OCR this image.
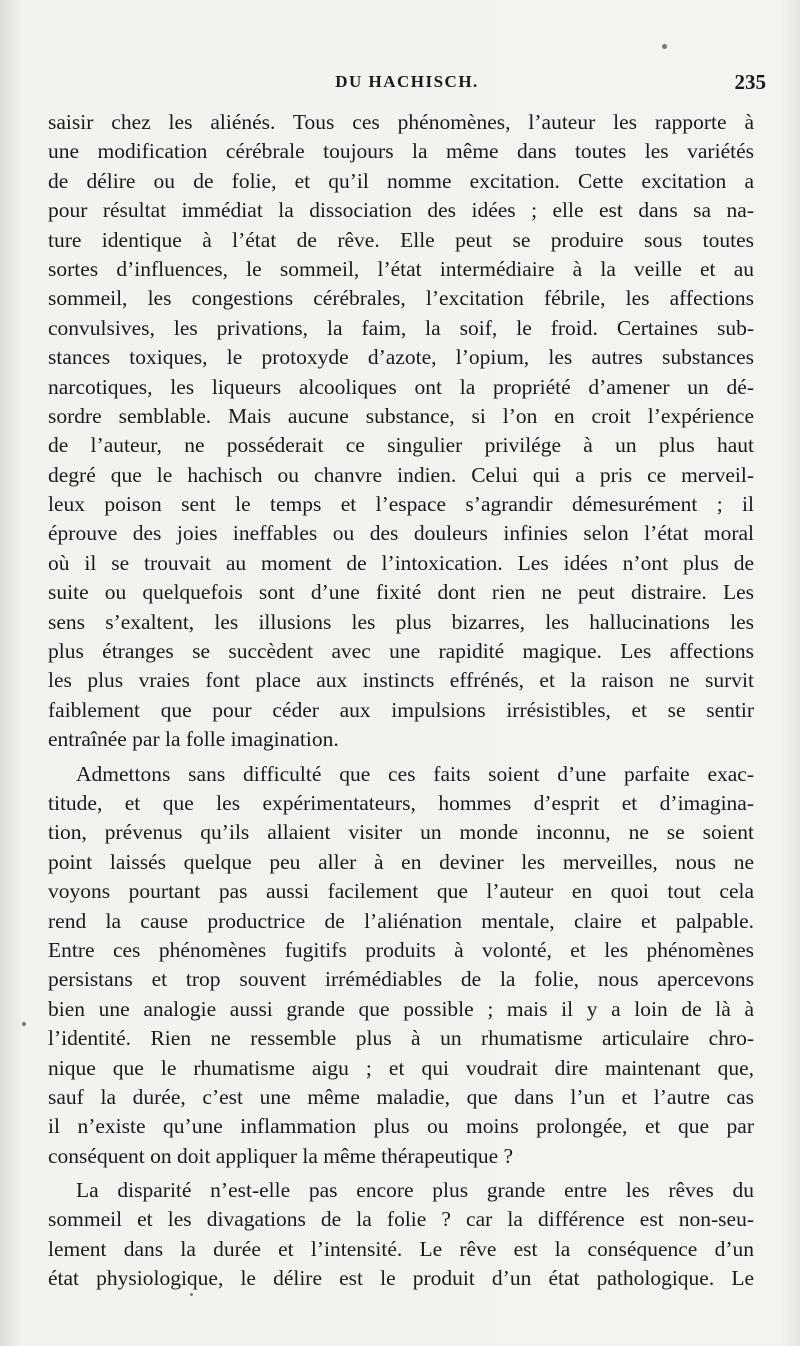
DU HACHISCH.	235
saisir chez les aliénés. Tous ces phénomènes, l’auteur les rapporte à
une modification cérébrale toujours la même dans toutes les variétés
de délire ou de folie, et qu’il nomme excitation. Cette excitation a
pour résultat immédiat la dissociation des idées ; elle est dans sa na-
ture identique à l’état de rêve. Elle peut se produire sous toutes
sortes d’influences, le sommeil, l’état intermédiaire à la veille et au
sommeil, les congestions cérébrales, l’excitation fébrile, les affections
convulsives, les privations, la faim, la soif, le froid. Certaines sub-
stances toxiques, le protoxyde d’azote, l’opium, les autres substances
narcotiques, les liqueurs alcooliques ont la propriété d’amener un dé-
sordre semblable. Mais aucune substance, si l’on en croit l’expérience
de l’auteur, ne posséderait ce singulier privilége à un plus haut
degré que le hachisch ou chanvre indien. Celui qui a pris ce merveil-
leux poison sent le temps et l’espace s’agrandir démesurément ; il
éprouve des joies ineffables ou des douleurs infinies selon l’état moral
où il se trouvait au moment de l’intoxication. Les idées n’ont plus de
suite ou quelquefois sont d’une fixité dont rien ne peut distraire. Les
sens s’exaltent, les illusions les plus bizarres, les hallucinations les
plus étranges se succèdent avec une rapidité magique. Les affections
les plus vraies font place aux instincts effrénés, et la raison ne survit
faiblement que pour céder aux impulsions irrésistibles, et se sentir
entraînée par la folle imagination.
Admettons sans difficulté que ces faits soient d’une parfaite exac-
titude, et que les expérimentateurs, hommes d’esprit et d’imagina-
tion, prévenus qu’ils allaient visiter un monde inconnu, ne se soient
point laissés quelque peu aller à en deviner les merveilles, nous ne
voyons pourtant pas aussi facilement que l’auteur en quoi tout cela
rend la cause productrice de l’aliénation mentale, claire et palpable.
Entre ces phénomènes fugitifs produits à volonté, et les phénomènes
persistans et trop souvent irrémédiables de la folie, nous apercevons
bien une analogie aussi grande que possible ; mais il y a loin de là à
l’identité. Rien ne ressemble plus à un rhumatisme articulaire chro-
nique que le rhumatisme aigu ; et qui voudrait dire maintenant que,
sauf la durée, c’est une même maladie, que dans l’un et l’autre cas
il n’existe qu’une inflammation plus ou moins prolongée, et que par
conséquent on doit appliquer la même thérapeutique ?
La disparité n’est-elle pas encore plus grande entre les rêves du
sommeil et les divagations de la folie ? car la différence est non-seu-
lement dans la durée et l’intensité. Le rêve est la conséquence d’un
état physiologique, le délire est le produit d’un état pathologique. Le
